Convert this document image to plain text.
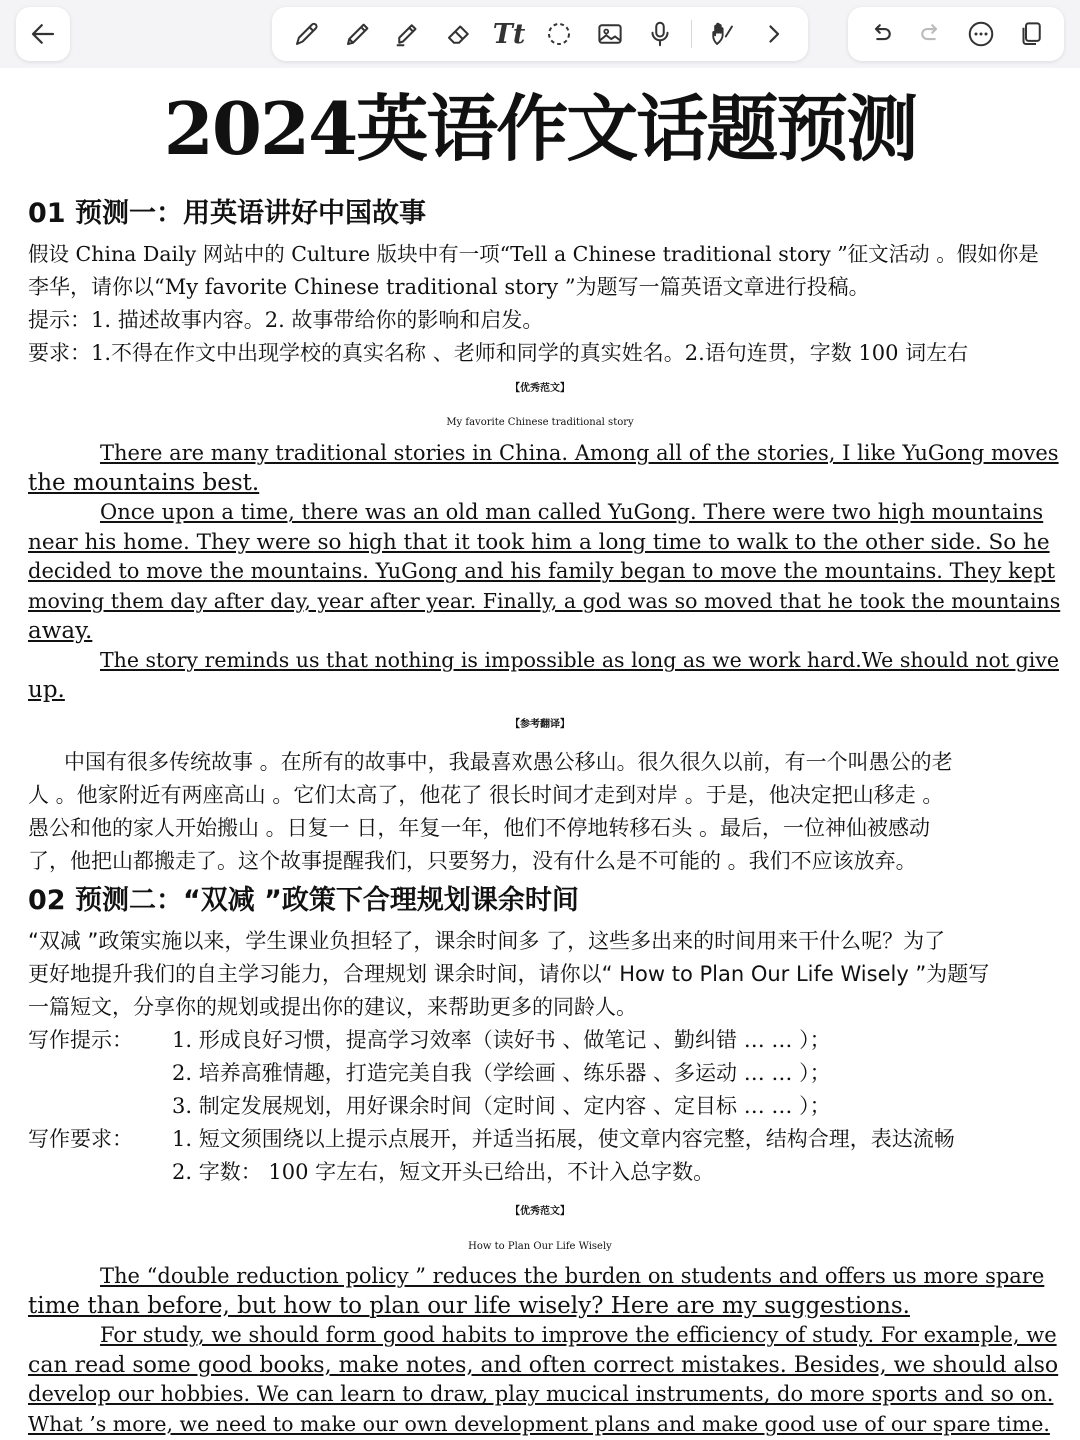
Tt
2024英语作文话题预测
01 预测一：用英语讲好中国故事
假设 China Daily 网站中的 Culture 版块中有一项“Tell a Chinese traditional story ”征文活动 。假如你是
李华，请你以“My favorite Chinese traditional story ”为题写一篇英语文章进行投稿。
提示：1. 描述故事内容。2. 故事带给你的影响和启发。
要求：1.不得在作文中出现学校的真实名称 、老师和同学的真实姓名。2.语句连贯，字数 100 词左右
【优秀范文】
My favorite Chinese traditional story
There are many traditional stories in China. Among all of the stories, I like YuGong moves
the mountains best.
Once upon a time, there was an old man called YuGong. There were two high mountains
near his home. They were so high that it took him a long time to walk to the other side. So he
decided to move the mountains. YuGong and his family began to move the mountains. They kept
moving them day after day, year after year. Finally, a god was so moved that he took the mountains
away.
The story reminds us that nothing is impossible as long as we work hard.We should not give
up.
【参考翻译】
中国有很多传统故事 。在所有的故事中，我最喜欢愚公移山。很久很久以前，有一个叫愚公的老
人 。他家附近有两座高山 。它们太高了，他花了 很长时间才走到对岸 。于是，他决定把山移走 。
愚公和他的家人开始搬山 。日复一 日，年复一年，他们不停地转移石头 。最后，一位神仙被感动
了，他把山都搬走了。这个故事提醒我们，只要努力，没有什么是不可能的 。我们不应该放弃。
02 预测二：“双减 ”政策下合理规划课余时间
“双减 ”政策实施以来，学生课业负担轻了，课余时间多 了，这些多出来的时间用来干什么呢？为了
更好地提升我们的自主学习能力，合理规划 课余时间，请你以“ How to Plan Our Life Wisely ”为题写
一篇短文，分享你的规划或提出你的建议，来帮助更多的同龄人。
写作提示： 1. 形成良好习惯，提高学习效率（读好书 、做笔记 、勤纠错 … … ）；
2. 培养高雅情趣，打造完美自我（学绘画 、练乐器 、多运动 … … ）；
3. 制定发展规划，用好课余时间（定时间 、定内容 、定目标 … … ）；
写作要求： 1. 短文须围绕以上提示点展开，并适当拓展，使文章内容完整，结构合理，表达流畅
2. 字数： 100 字左右，短文开头已给出，不计入总字数。
【优秀范文】
How to Plan Our Life Wisely
The “double reduction policy ” reduces the burden on students and offers us more spare
time than before, but how to plan our life wisely? Here are my suggestions.
For study, we should form good habits to improve the efficiency of study. For example, we
can read some good books, make notes, and often correct mistakes. Besides, we should also
develop our hobbies. We can learn to draw, play mucical instruments, do more sports and so on.
What ’s more, we need to make our own development plans and make good use of our spare time.
